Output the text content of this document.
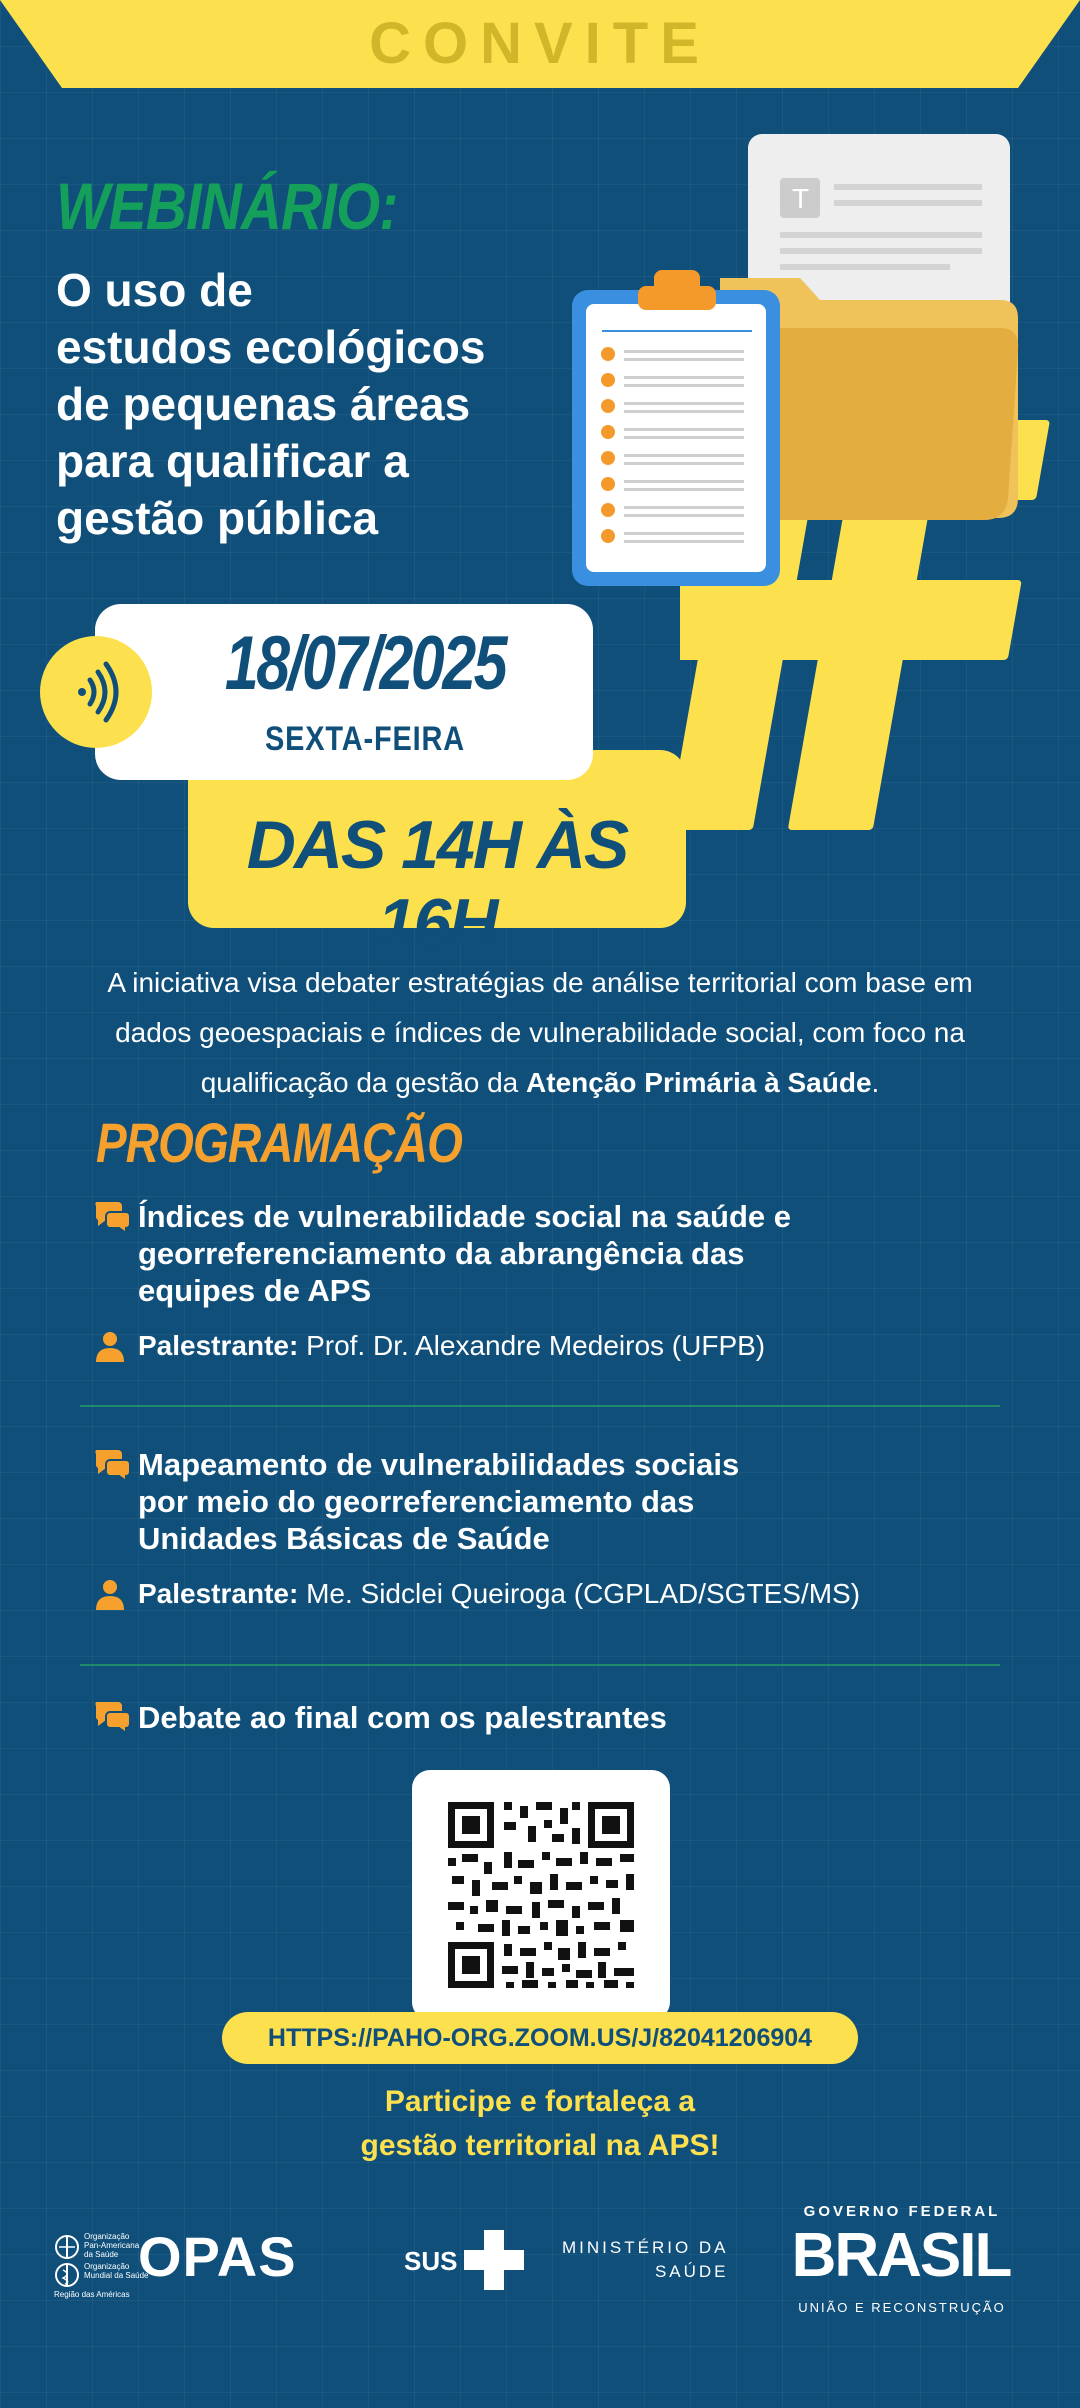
CONVITE
T
WEBINÁRIO:
O uso de
estudos ecológicos
de pequenas áreas
para qualificar a
gestão pública
18/07/2025
SEXTA-FEIRA
DAS 14H ÀS 16H
A iniciativa visa debater estratégias de análise territorial com base em dados geoespaciais e índices de vulnerabilidade social, com foco na qualificação da gestão da Atenção Primária à Saúde.
PROGRAMAÇÃO
Índices de vulnerabilidade social na saúde e
georreferenciamento da abrangência das
equipes de APS
Palestrante: Prof. Dr. Alexandre Medeiros (UFPB)
Mapeamento de vulnerabilidades sociais
por meio do georreferenciamento das
Unidades Básicas de Saúde
Palestrante: Me. Sidclei Queiroga (CGPLAD/SGTES/MS)
Debate ao final com os palestrantes
HTTPS://PAHO-ORG.ZOOM.US/J/82041206904
Participe e fortaleça a
gestão territorial na APS!
Organização
Pan-Americana
da Saúde
Organização
Mundial da Saúde
Região das Américas
OPAS	SUS	MINISTÉRIO DA
SAÚDE
GOVERNO FEDERAL
BRASIL
UNIÃO E RECONSTRUÇÃO
